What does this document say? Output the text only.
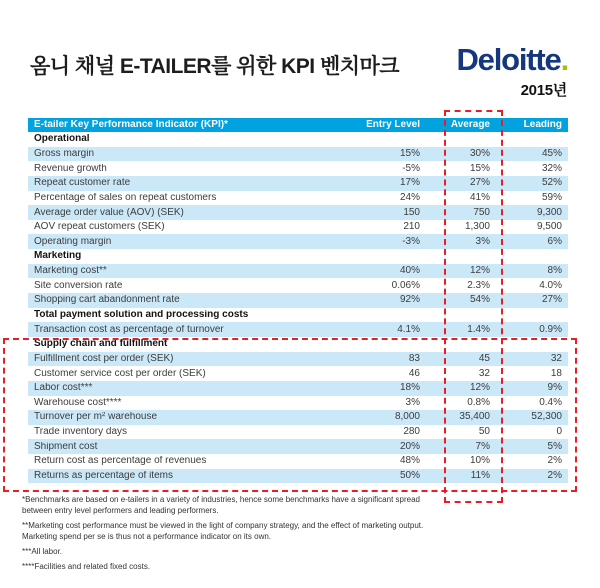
옴니 채널 E-TAILER를 위한 KPI 벤치마크 Deloitte.
2015년
E-tailer Key Performance Indicator (KPI)*	Entry Level	Average	Leading
Operational
Gross margin	15%	30%	45%
Revenue growth	-5%	15%	32%
Repeat customer rate	17%	27%	52%
Percentage of sales on repeat customers	24%	41%	59%
Average order value (AOV) (SEK)	150	750	9,300
AOV repeat customers (SEK)	210	1,300	9,500
Operating margin	-3%	3%	6%
Marketing
Marketing cost**	40%	12%	8%
Site conversion rate	0.06%	2.3%	4.0%
Shopping cart abandonment rate	92%	54%	27%
Total payment solution and processing costs
Transaction cost as percentage of turnover	4.1%	1.4%	0.9%
Supply chain and fulfillment
Fulfillment cost per order (SEK)	83	45	32
Customer service cost per order (SEK)	46	32	18
Labor cost***	18%	12%	9%
Warehouse cost****	3%	0.8%	0.4%
Turnover per m² warehouse	8,000	35,400	52,300
Trade inventory days	280	50	0
Shipment cost	20%	7%	5%
Return cost as percentage of revenues	48%	10%	2%
Returns as percentage of items	50%	11%	2%
*Benchmarks are based on e-tailers in a variety of industries, hence some benchmarks have a significant spread
between entry level performers and leading performers.
**Marketing cost performance must be viewed in the light of company strategy, and the effect of marketing output.
Marketing spend per se is thus not a performance indicator on its own.
***All labor.
****Facilities and related fixed costs.
